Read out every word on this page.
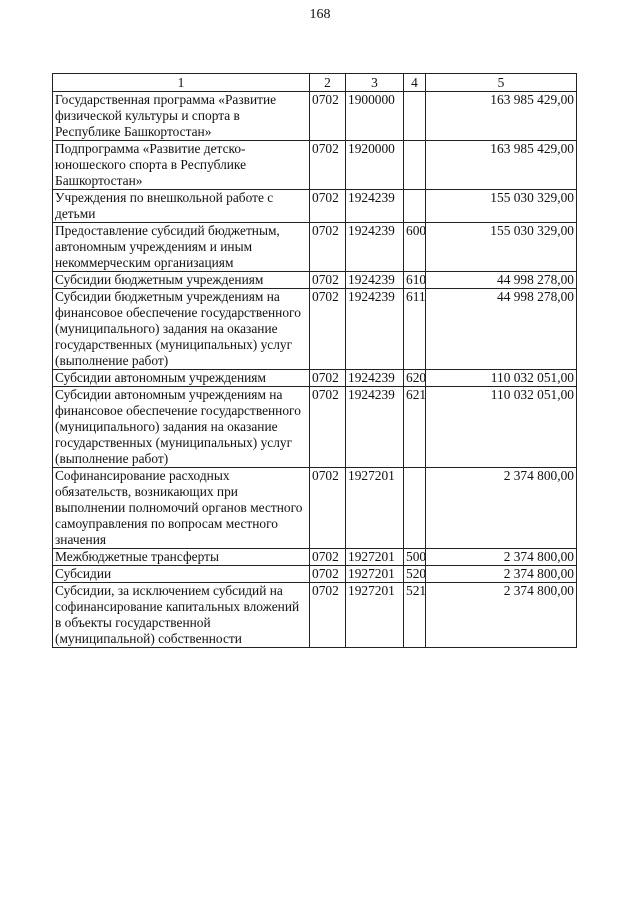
168
1	2	3	4	5
Государственная программа «Развитие физической культуры и спорта в Республике Башкортостан»	0702	1900000		163 985 429,00
Подпрограмма «Развитие детско-юношеского спорта в Республике Башкортостан»	0702	1920000		163 985 429,00
Учреждения по внешкольной работе с детьми	0702	1924239		155 030 329,00
Предоставление субсидий бюджетным, автономным учреждениям и иным некоммерческим организациям	0702	1924239	600	155 030 329,00
Субсидии бюджетным учреждениям	0702	1924239	610	44 998 278,00
Субсидии бюджетным учреждениям на финансовое обеспечение государственного (муниципального) задания на оказание государственных (муниципальных) услуг (выполнение работ)	0702	1924239	611	44 998 278,00
Субсидии автономным учреждениям	0702	1924239	620	110 032 051,00
Субсидии автономным учреждениям на финансовое обеспечение государственного (муниципального) задания на оказание государственных (муниципальных) услуг (выполнение работ)	0702	1924239	621	110 032 051,00
Софинансирование расходных обязательств, возникающих при выполнении полномочий органов местного самоуправления по вопросам местного значения	0702	1927201		2 374 800,00
Межбюджетные трансферты	0702	1927201	500	2 374 800,00
Субсидии	0702	1927201	520	2 374 800,00
Субсидии, за исключением субсидий на софинансирование капитальных вложений в объекты государственной (муниципальной) собственности	0702	1927201	521	2 374 800,00
